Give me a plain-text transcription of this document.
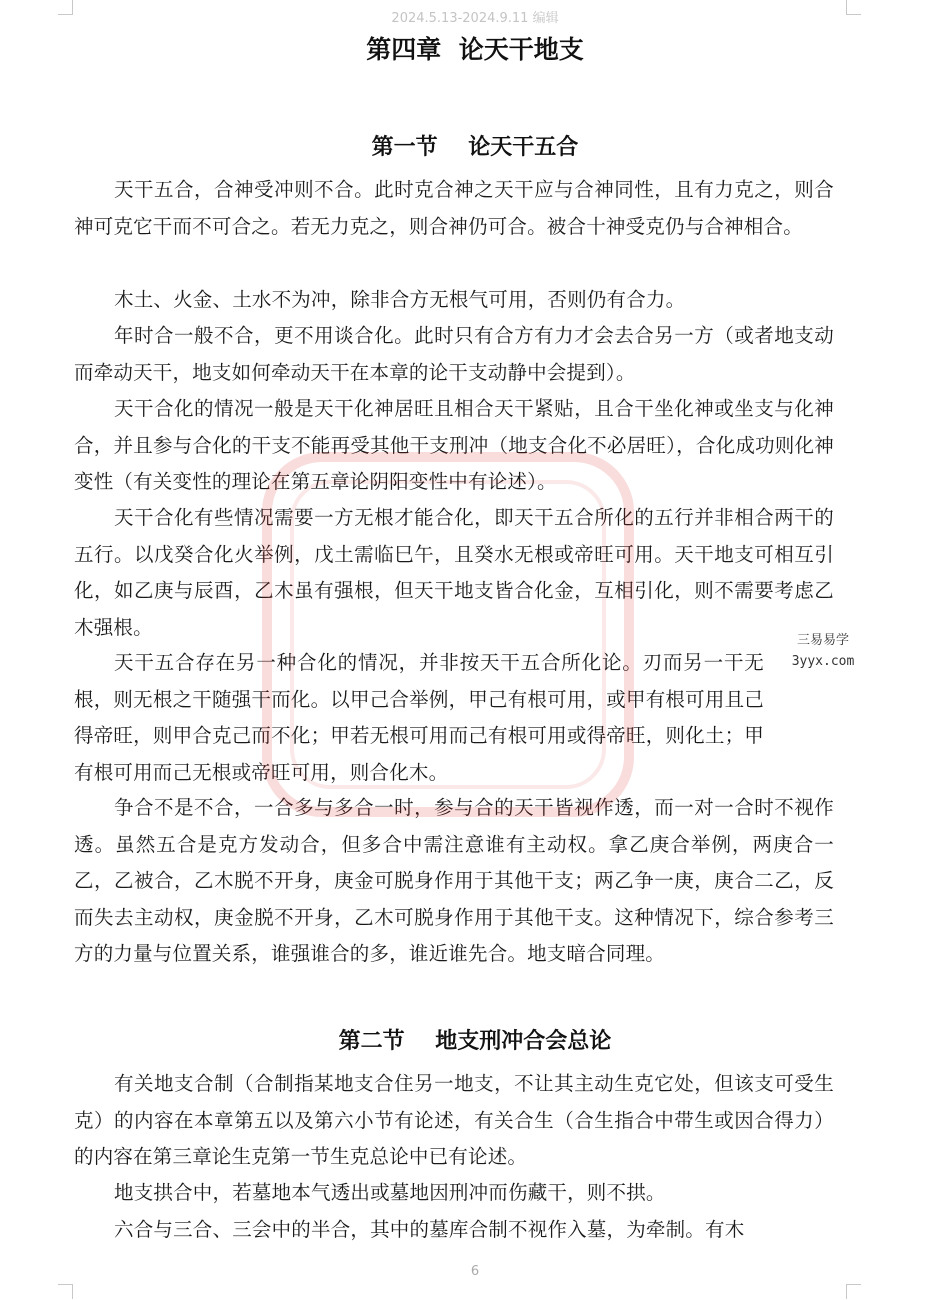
2024.5.13-2024.9.11 编辑
第四章  论天干地支
第一节    论天干五合

天干五合，合神受冲则不合。此时克合神之天干应与合神同性，且有力克之，则合神可克它干而不可合之。若无力克之，则合神仍可合。被合十神受克仍与合神相合。

木土、火金、土水不为冲，除非合方无根气可用，否则仍有合力。

年时合一般不合，更不用谈合化。此时只有合方有力才会去合另一方（或者地支动而牵动天干，地支如何牵动天干在本章的论干支动静中会提到）。

天干合化的情况一般是天干化神居旺且相合天干紧贴，且合干坐化神或坐支与化神合，并且参与合化的干支不能再受其他干支刑冲（地支合化不必居旺），合化成功则化神变性（有关变性的理论在第五章论阴阳变性中有论述）。

天干合化有些情况需要一方无根才能合化，即天干五合所化的五行并非相合两干的五行。以戊癸合化火举例，戊土需临巳午，且癸水无根或帝旺可用。天干地支可相互引化，如乙庚与辰酉，乙木虽有强根，但天干地支皆合化金，互相引化，则不需要考虑乙木强根。

天干五合存在另一种合化的情况，并非按天干五合所化论。刃而另一干无根，则无根之干随强干而化。以甲己合举例，甲己有根可用，或甲有根可用且己得帝旺，则甲合克己而不化；甲若无根可用而己有根可用或得帝旺，则化土；甲有根可用而己无根或帝旺可用，则合化木。

争合不是不合，一合多与多合一时，参与合的天干皆视作透，而一对一合时不视作透。虽然五合是克方发动合，但多合中需注意谁有主动权。拿乙庚合举例，两庚合一乙，乙被合，乙木脱不开身，庚金可脱身作用于其他干支；两乙争一庚，庚合二乙，反而失去主动权，庚金脱不开身，乙木可脱身作用于其他干支。这种情况下，综合参考三方的力量与位置关系，谁强谁合的多，谁近谁先合。地支暗合同理。

第二节    地支刑冲合会总论

有关地支合制（合制指某地支合住另一地支，不让其主动生克它处，但该支可受生克）的内容在本章第五以及第六小节有论述，有关合生（合生指合中带生或因合得力）的内容在第三章论生克第一节生克总论中已有论述。

地支拱合中，若墓地本气透出或墓地因刑冲而伤藏干，则不拱。

六合与三合、三会中的半合，其中的墓库合制不视作入墓，为牵制。有木

三易易学
3yyx.com
6
